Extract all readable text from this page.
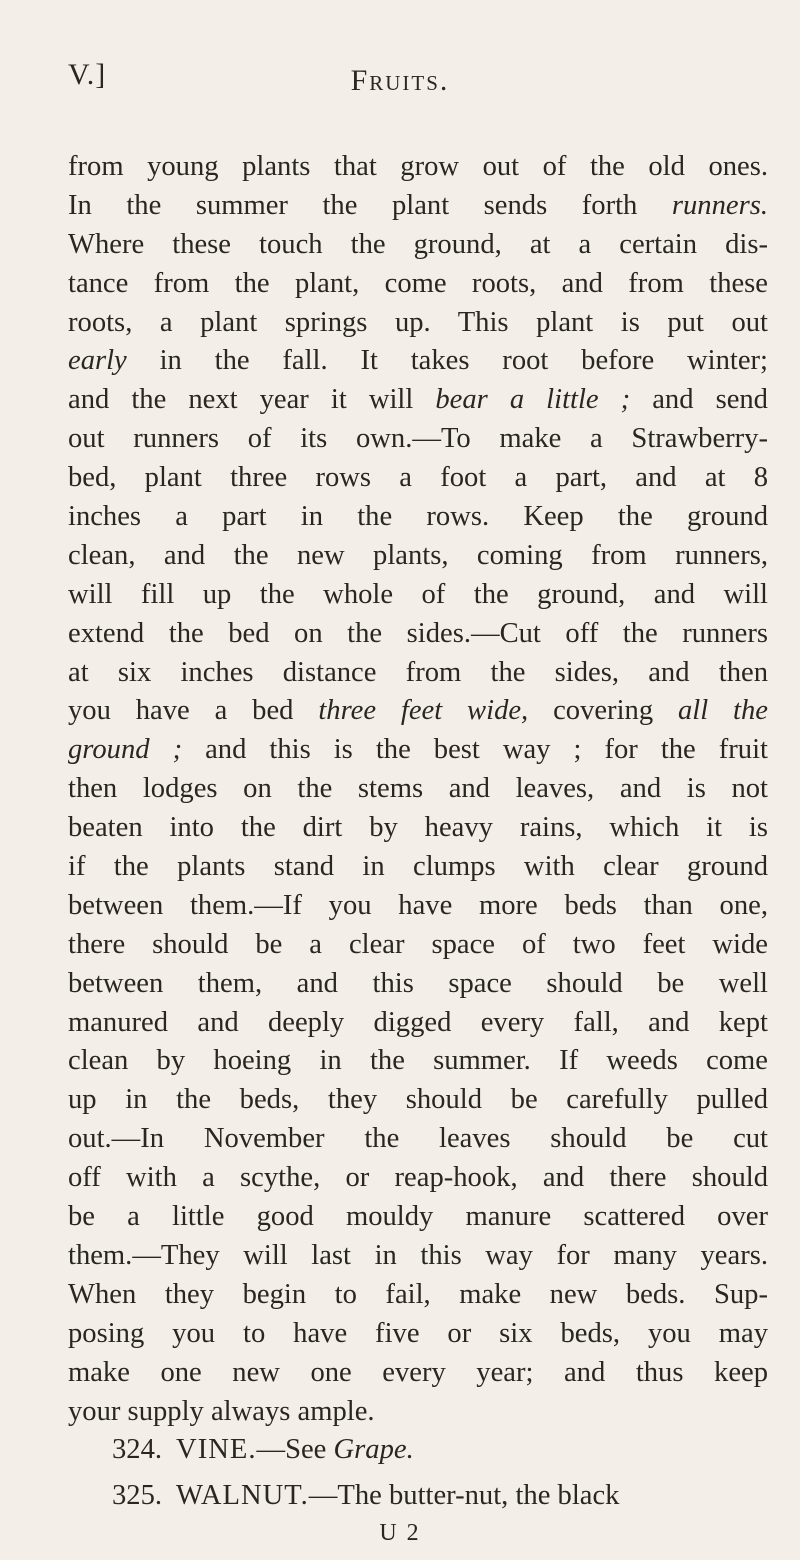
V.]	Fruits.
from young plants that grow out of the old ones.
In the summer the plant sends forth runners.
Where these touch the ground, at a certain dis-
tance from the plant, come roots, and from these
roots, a plant springs up. This plant is put out
early in the fall. It takes root before winter;
and the next year it will bear a little ; and send
out runners of its own.—To make a Strawberry-
bed, plant three rows a foot a part, and at 8
inches a part in the rows. Keep the ground
clean, and the new plants, coming from runners,
will fill up the whole of the ground, and will
extend the bed on the sides.—Cut off the runners
at six inches distance from the sides, and then
you have a bed three feet wide, covering all the
ground ; and this is the best way ; for the fruit
then lodges on the stems and leaves, and is not
beaten into the dirt by heavy rains, which it is
if the plants stand in clumps with clear ground
between them.—If you have more beds than one,
there should be a clear space of two feet wide
between them, and this space should be well
manured and deeply digged every fall, and kept
clean by hoeing in the summer. If weeds come
up in the beds, they should be carefully pulled
out.—In November the leaves should be cut
off with a scythe, or reap-hook, and there should
be a little good mouldy manure scattered over
them.—They will last in this way for many years.
When they begin to fail, make new beds. Sup-
posing you to have five or six beds, you may
make one new one every year; and thus keep
your supply always ample.
324. VINE.—See Grape.
325. WALNUT.—The butter-nut, the black
U 2
